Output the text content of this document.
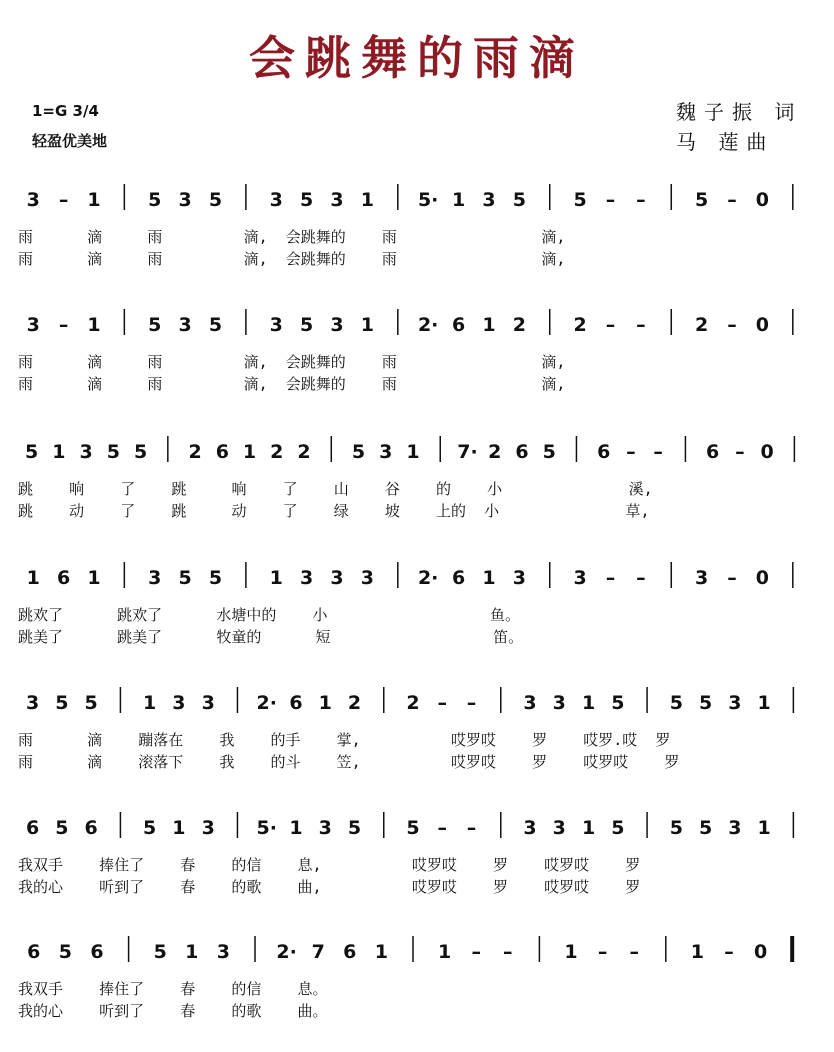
会跳舞的雨滴
1=G 3/4
轻盈优美地
魏子振 词
马 莲曲
3 – 1	5 3 5	3 5 3 1 5· 1 3 5	5 – –	5 – 0
雨      滴     雨         滴,  会跳舞的    雨                滴,
雨      滴     雨         滴,  会跳舞的    雨                滴,
3 – 1	5 3 5	3 5 3 1 2· 6 1 2	2 – –	2 – 0
雨      滴     雨         滴,  会跳舞的    雨                滴,
雨      滴     雨         滴,  会跳舞的    雨                滴,
5 1 3 5 5 2 6 1 2 2 5 3 1 7· 2 6 5 6 – – 6 – 0
跳    响    了    跳     响    了    山    谷    的    小              溪,
跳    动    了    跳     动    了    绿    坡    上的  小              草,
1 6 1	3 5 5	1 3 3 3 2· 6 1 3	3 – –	3 – 0
跳欢了      跳欢了      水塘中的    小                  鱼。
跳美了      跳美了      牧童的      短                  笛。
3 5 5 1 3 3 2· 6 1 2 2 – – 3 3 1 5 5 5 3 1
雨      滴    蹦落在    我    的手    掌,          哎罗哎    罗    哎罗.哎  罗
雨      滴    滚落下    我    的斗    笠,          哎罗哎    罗    哎罗哎    罗
6 5 6 5 1 3 5· 1 3 5 5 – – 3 3 1 5 5 5 3 1
我双手    捧住了    春    的信    息,          哎罗哎    罗    哎罗哎    罗
我的心    听到了    春    的歌    曲,          哎罗哎    罗    哎罗哎    罗
6 5 6	5 1 3 2· 7 6 1	1 – –	1 – –	1 – 0
我双手    捧住了    春    的信    息。
我的心    听到了    春    的歌    曲。
